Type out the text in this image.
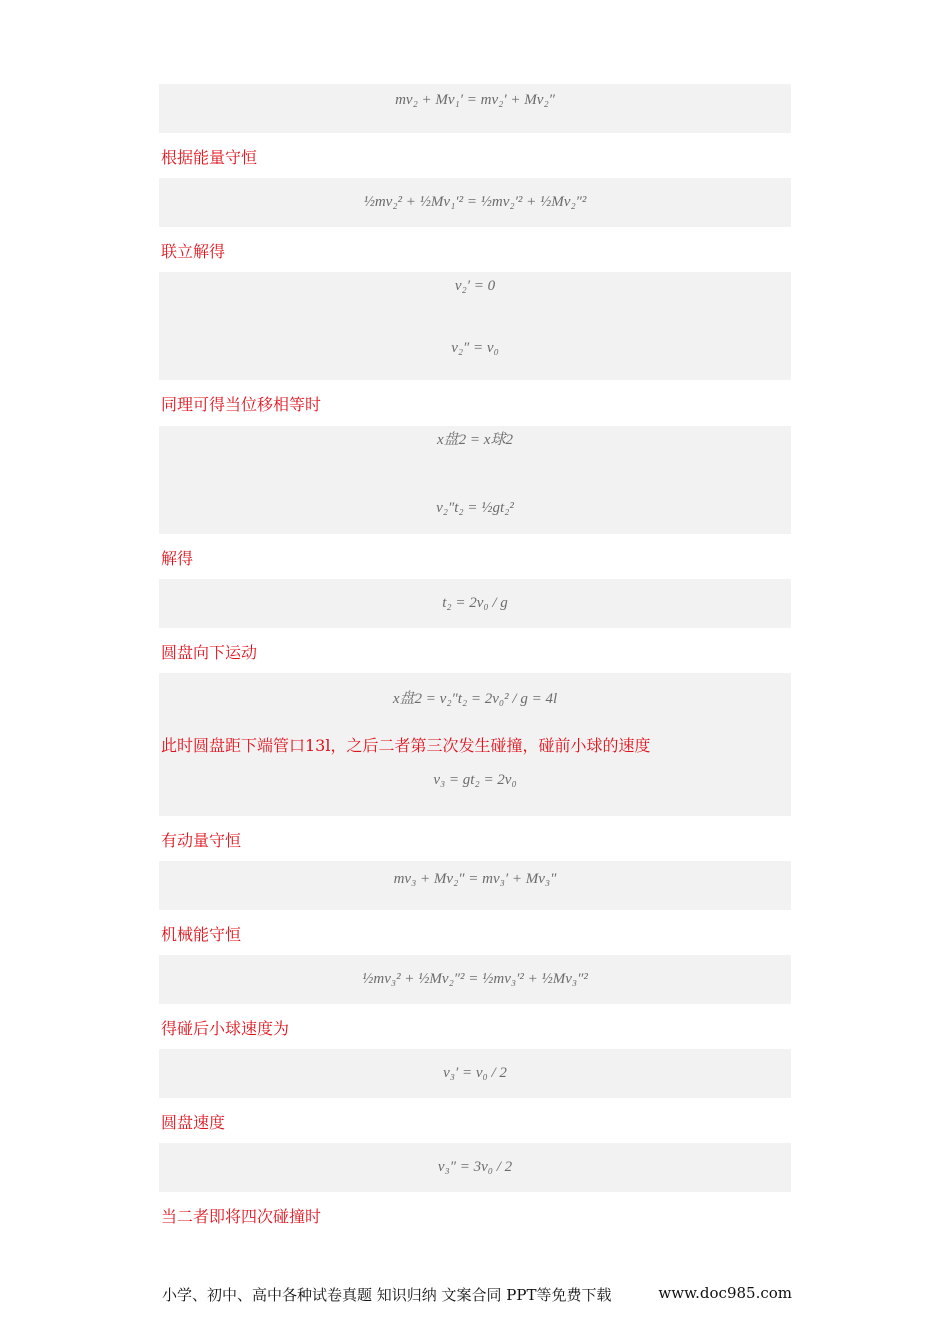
mv₂ + Mv₁′ = mv₂′ + Mv₂″
根据能量守恒
½mv₂² + ½Mv₁′² = ½mv₂′² + ½Mv₂″²
联立解得
v₂′ = 0
v₂″ = v₀
同理可得当位移相等时
x盘2 = x球2
v₂″t₂ = ½gt₂²
解得
t₂ = 2v₀ / g
圆盘向下运动
x盘2 = v₂″t₂ = 2v₀² / g = 4l
此时圆盘距下端管口13l，之后二者第三次发生碰撞，碰前小球的速度
v₃ = gt₂ = 2v₀
有动量守恒
mv₃ + Mv₂″ = mv₃′ + Mv₃″
机械能守恒
½mv₃² + ½Mv₂″² = ½mv₃′² + ½Mv₃″²
得碰后小球速度为
v₃′ = v₀ / 2
圆盘速度
v₃″ = 3v₀ / 2
当二者即将四次碰撞时
小学、初中、高中各种试卷真题 知识归纳 文案合同 PPT等免费下载	www.doc985.com
